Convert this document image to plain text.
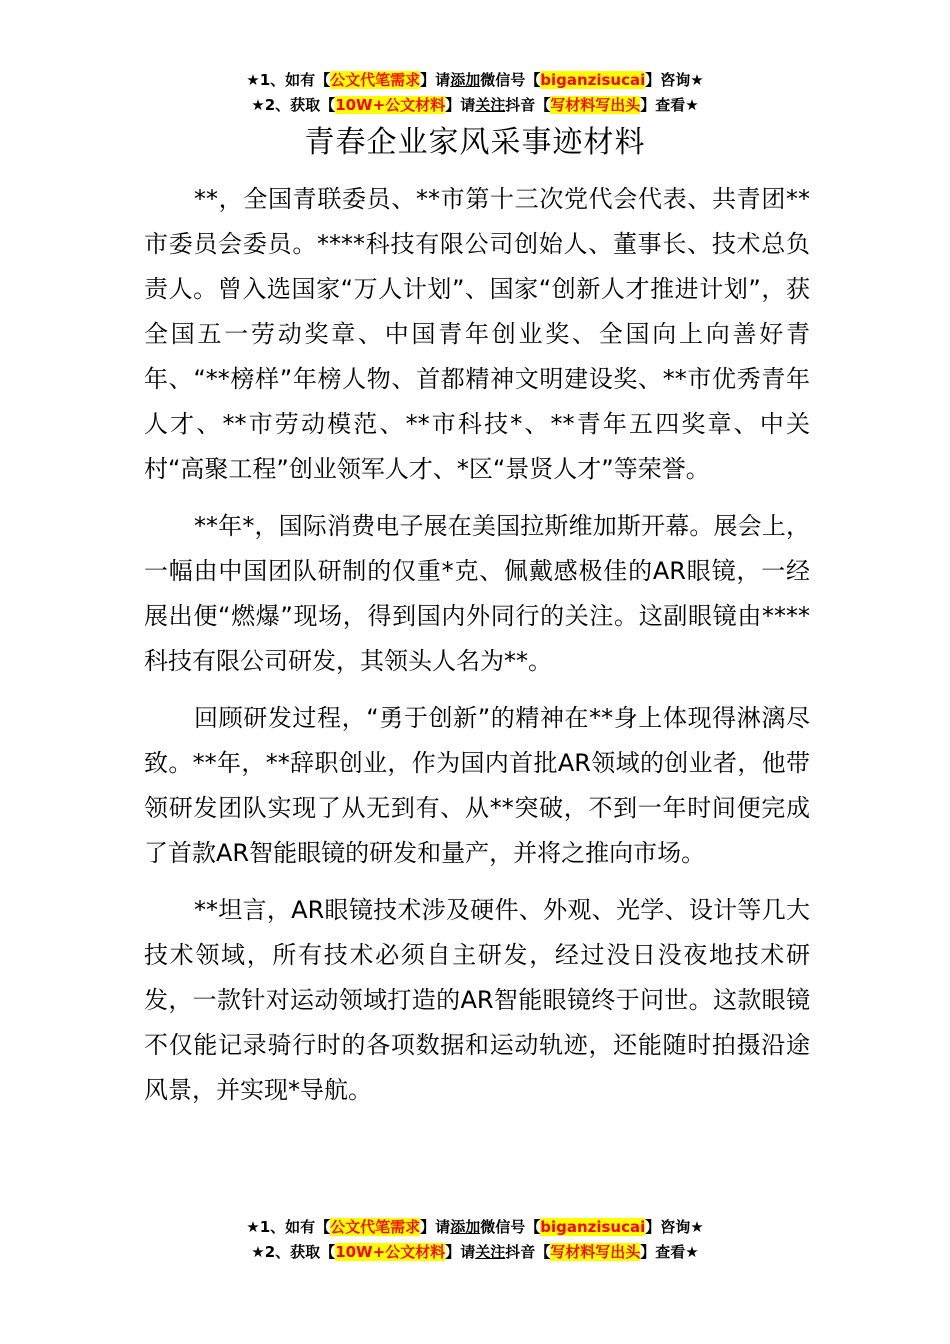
★1、如有【公文代笔需求】请添加微信号【biganzisucai】咨询★
★2、获取【10W+公文材料】请关注抖音【写材料写出头】查看★
青春企业家风采事迹材料

**，全国青联委员、**市第十三次党代会代表、共青团**市委员会委员。****科技有限公司创始人、董事长、技术总负责人。曾入选国家“万人计划”、国家“创新人才推进计划”，获全国五一劳动奖章、中国青年创业奖、全国向上向善好青年、“**榜样”年榜人物、首都精神文明建设奖、**市优秀青年人才、**市劳动模范、**市科技*、**青年五四奖章、中关村“高聚工程”创业领军人才、*区“景贤人才”等荣誉。

**年*，国际消费电子展在美国拉斯维加斯开幕。展会上，一幅由中国团队研制的仅重*克、佩戴感极佳的AR眼镜，一经展出便“燃爆”现场，得到国内外同行的关注。这副眼镜由****科技有限公司研发，其领头人名为**。

回顾研发过程，“勇于创新”的精神在**身上体现得淋漓尽致。**年，**辞职创业，作为国内首批AR领域的创业者，他带领研发团队实现了从无到有、从**突破，不到一年时间便完成了首款AR智能眼镜的研发和量产，并将之推向市场。

**坦言，AR眼镜技术涉及硬件、外观、光学、设计等几大技术领域，所有技术必须自主研发，经过没日没夜地技术研发，一款针对运动领域打造的AR智能眼镜终于问世。这款眼镜不仅能记录骑行时的各项数据和运动轨迹，还能随时拍摄沿途风景，并实现*导航。

★1、如有【公文代笔需求】请添加微信号【biganzisucai】咨询★
★2、获取【10W+公文材料】请关注抖音【写材料写出头】查看★
